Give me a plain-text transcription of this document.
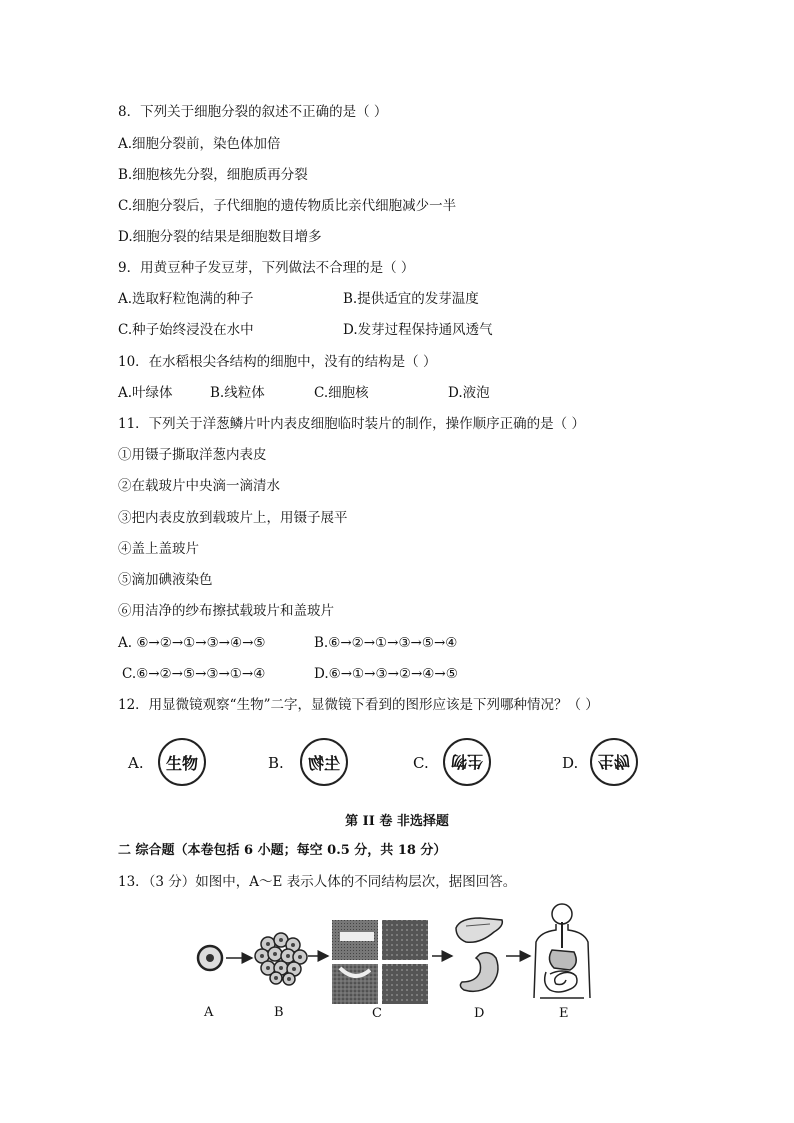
8．下列关于细胞分裂的叙述不正确的是（ ）
A.细胞分裂前，染色体加倍
B.细胞核先分裂，细胞质再分裂
C.细胞分裂后，子代细胞的遗传物质比亲代细胞减少一半
D.细胞分裂的结果是细胞数目增多
9．用黄豆种子发豆芽，下列做法不合理的是（ ）
A.选取籽粒饱满的种子	B.提供适宜的发芽温度
C.种子始终浸没在水中	D.发芽过程保持通风透气
10．在水稻根尖各结构的细胞中，没有的结构是（ ）
A.叶绿体	B.线粒体	C.细胞核	D.液泡
11．下列关于洋葱鳞片叶内表皮细胞临时装片的制作，操作顺序正确的是（ ）
①用镊子撕取洋葱内表皮
②在载玻片中央滴一滴清水
③把内表皮放到载玻片上，用镊子展平
④盖上盖玻片
⑤滴加碘液染色
⑥用洁净的纱布擦拭载玻片和盖玻片
A. ⑥→②→①→③→④→⑤	B.⑥→②→①→③→⑤→④
C.⑥→②→⑤→③→①→④	D.⑥→①→③→②→④→⑤
12．用显微镜观察“生物”二字，显微镜下看到的图形应该是下列哪种情况？（ ）
A. 生物	B. 生物	C. 生物	D. 生物
第 II 卷 非选择题
二 综合题（本卷包括 6 小题；每空 0.5 分，共 18 分）
13．（3 分）如图中，A～E 表示人体的不同结构层次，据图回答。
A	B	C	D	E
